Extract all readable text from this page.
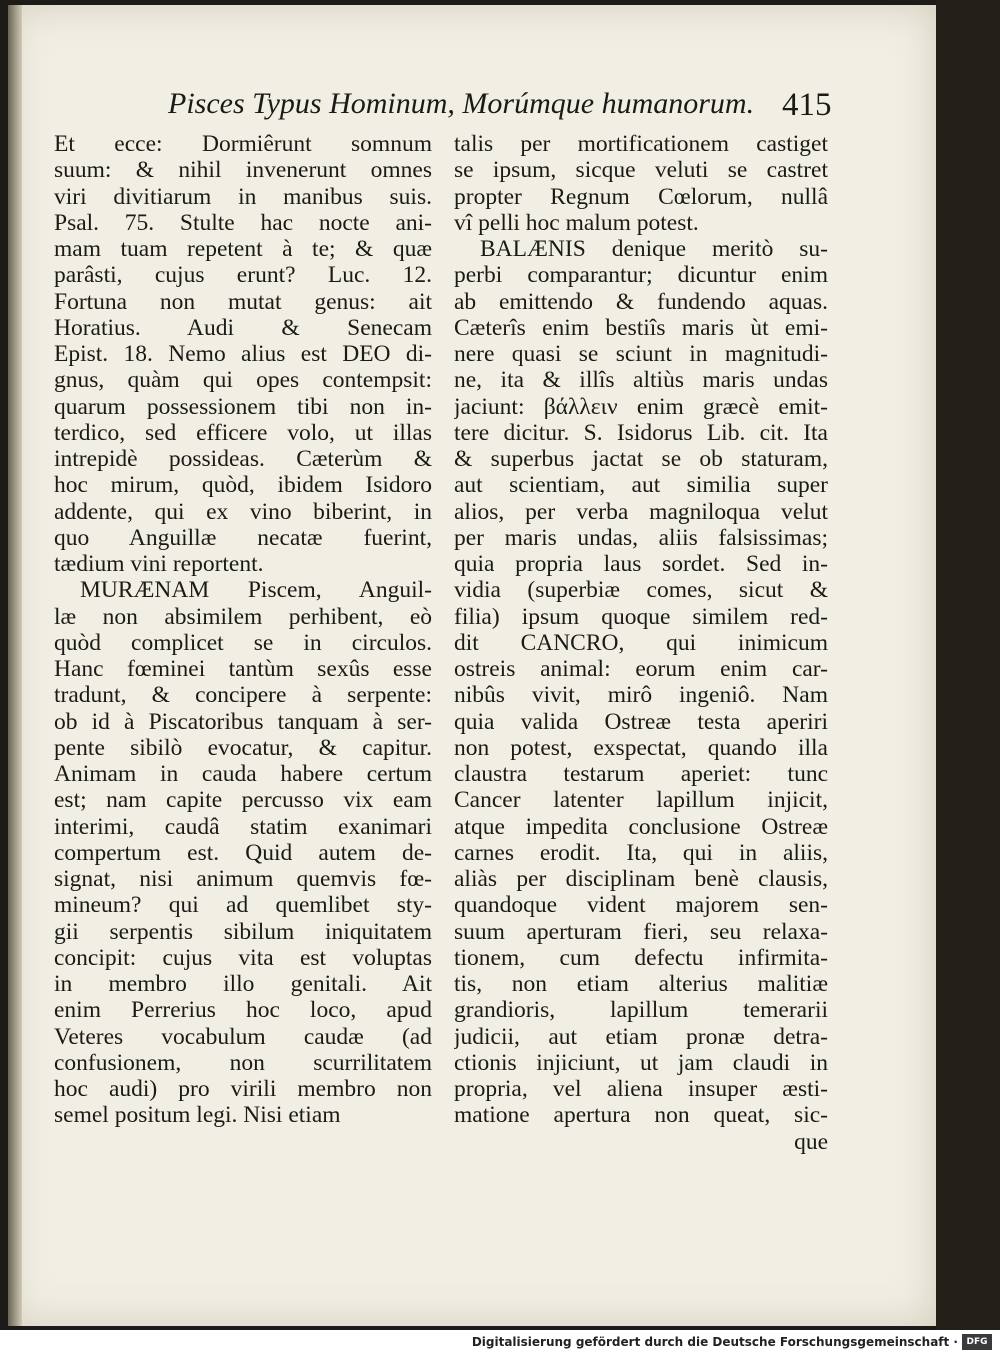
Pisces Typus Hominum, Morúmque humanorum. 415
Et ecce: Dormiêrunt somnum
suum: & nihil invenerunt omnes
viri divitiarum in manibus suis.
Psal. 75. Stulte hac nocte ani-
mam tuam repetent à te; & quæ
parâsti, cujus erunt? Luc. 12.
Fortuna non mutat genus: ait
Horatius. Audi & Senecam
Epist. 18. Nemo alius est DEO di-
gnus, quàm qui opes contempsit:
quarum possessionem tibi non in-
terdico, sed efficere volo, ut illas
intrepidè possideas. Cæterùm &
hoc mirum, quòd, ibidem Isidoro
addente, qui ex vino biberint, in
quo Anguillæ necatæ fuerint,
tædium vini reportent.
MURÆNAM Piscem, Anguil-
læ non absimilem perhibent, eò
quòd complicet se in circulos.
Hanc fœminei tantùm sexûs esse
tradunt, & concipere à serpente:
ob id à Piscatoribus tanquam à ser-
pente sibilò evocatur, & capitur.
Animam in cauda habere certum
est; nam capite percusso vix eam
interimi, caudâ statim exanimari
compertum est. Quid autem de-
signat, nisi animum quemvis fœ-
mineum? qui ad quemlibet sty-
gii serpentis sibilum iniquitatem
concipit: cujus vita est voluptas
in membro illo genitali. Ait
enim Perrerius hoc loco, apud
Veteres vocabulum caudæ (ad
confusionem, non scurrilitatem
hoc audi) pro virili membro non
semel positum legi. Nisi etiam
talis per mortificationem castiget
se ipsum, sicque veluti se castret
propter Regnum Cœlorum, nullâ
vî pelli hoc malum potest.
BALÆNIS denique meritò su-
perbi comparantur; dicuntur enim
ab emittendo & fundendo aquas.
Cæterîs enim bestiîs maris ùt emi-
nere quasi se sciunt in magnitudi-
ne, ita & illîs altiùs maris undas
jaciunt: βάλλειν enim græcè emit-
tere dicitur. S. Isidorus Lib. cit. Ita
& superbus jactat se ob staturam,
aut scientiam, aut similia super
alios, per verba magniloqua velut
per maris undas, aliis falsissimas;
quia propria laus sordet. Sed in-
vidia (superbiæ comes, sicut &
filia) ipsum quoque similem red-
dit CANCRO, qui inimicum
ostreis animal: eorum enim car-
nibûs vivit, mirô ingeniô. Nam
quia valida Ostreæ testa aperiri
non potest, exspectat, quando illa
claustra testarum aperiet: tunc
Cancer latenter lapillum injicit,
atque impedita conclusione Ostreæ
carnes erodit. Ita, qui in aliis,
aliàs per disciplinam benè clausis,
quandoque vident majorem sen-
suum aperturam fieri, seu relaxa-
tionem, cum defectu infirmita-
tis, non etiam alterius malitiæ
grandioris, lapillum temerarii
judicii, aut etiam pronæ detra-
ctionis injiciunt, ut jam claudi in
propria, vel aliena insuper æsti-
matione apertura non queat, sic-
que
Digitalisierung gefördert durch die Deutsche Forschungsgemeinschaft · DFG
